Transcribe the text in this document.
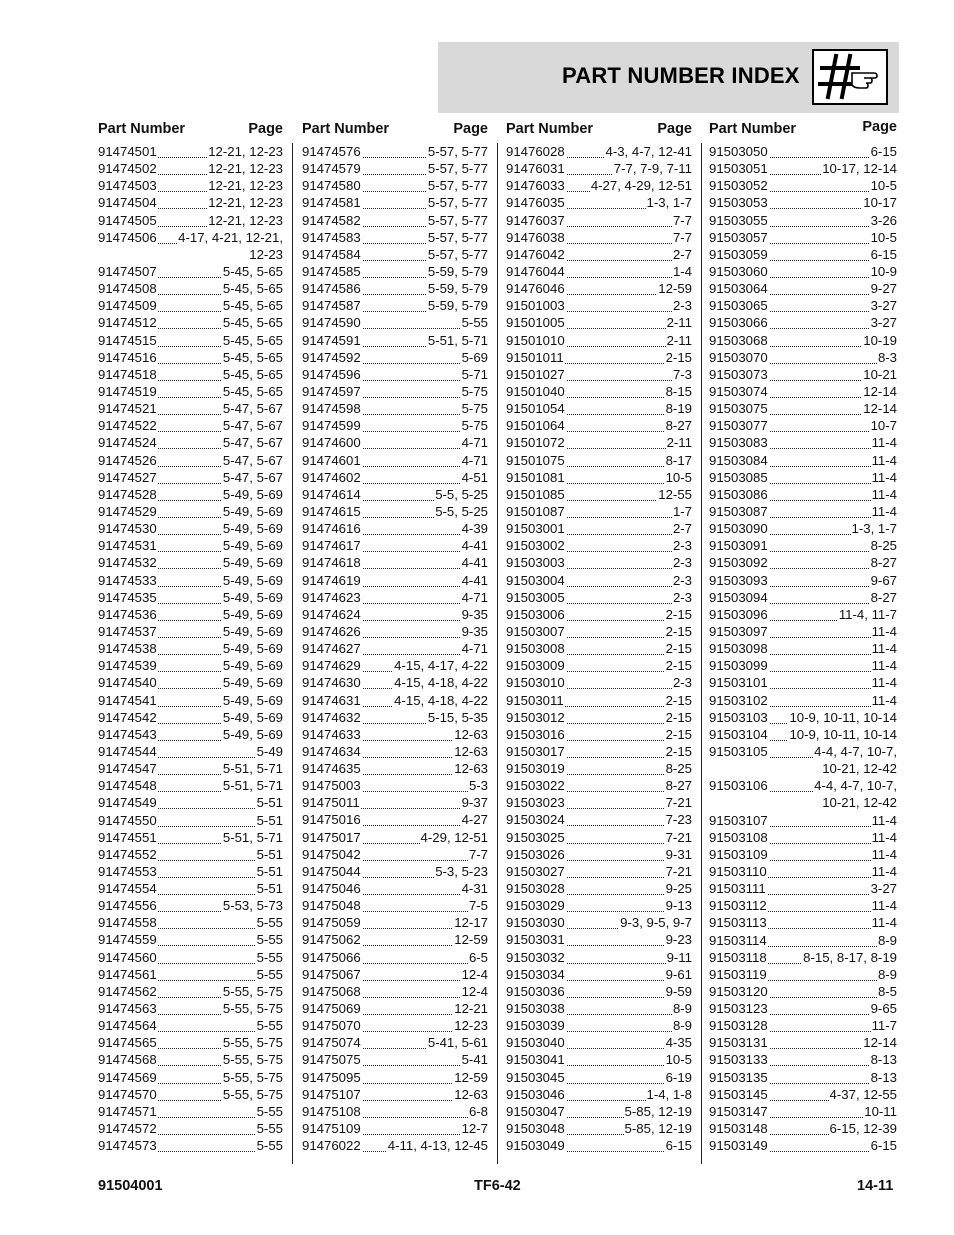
PART NUMBER INDEX
Part Number	Page
91474501	12-21, 12-23
91474502	12-21, 12-23
91474503	12-21, 12-23
91474504	12-21, 12-23
91474505	12-21, 12-23
91474506 4-17, 4-21, 12-21,
12-23
91474507	5-45, 5-65
91474508	5-45, 5-65
91474509	5-45, 5-65
91474512	5-45, 5-65
91474515	5-45, 5-65
91474516	5-45, 5-65
91474518	5-45, 5-65
91474519	5-45, 5-65
91474521	5-47, 5-67
91474522	5-47, 5-67
91474524	5-47, 5-67
91474526	5-47, 5-67
91474527	5-47, 5-67
91474528	5-49, 5-69
91474529	5-49, 5-69
91474530	5-49, 5-69
91474531	5-49, 5-69
91474532	5-49, 5-69
91474533	5-49, 5-69
91474535	5-49, 5-69
91474536	5-49, 5-69
91474537	5-49, 5-69
91474538	5-49, 5-69
91474539	5-49, 5-69
91474540	5-49, 5-69
91474541	5-49, 5-69
91474542	5-49, 5-69
91474543	5-49, 5-69
91474544	5-49
91474547	5-51, 5-71
91474548	5-51, 5-71
91474549	5-51
91474550	5-51
91474551	5-51, 5-71
91474552	5-51
91474553	5-51
91474554	5-51
91474556	5-53, 5-73
91474558	5-55
91474559	5-55
91474560	5-55
91474561	5-55
91474562	5-55, 5-75
91474563	5-55, 5-75
91474564	5-55
91474565	5-55, 5-75
91474568	5-55, 5-75
91474569	5-55, 5-75
91474570	5-55, 5-75
91474571	5-55
91474572	5-55
91474573	5-55
Part Number	Page
91474576	5-57, 5-77
91474579	5-57, 5-77
91474580	5-57, 5-77
91474581	5-57, 5-77
91474582	5-57, 5-77
91474583	5-57, 5-77
91474584	5-57, 5-77
91474585	5-59, 5-79
91474586	5-59, 5-79
91474587	5-59, 5-79
91474590	5-55
91474591	5-51, 5-71
91474592	5-69
91474596	5-71
91474597	5-75
91474598	5-75
91474599	5-75
91474600	4-71
91474601	4-71
91474602	4-51
91474614	5-5, 5-25
91474615	5-5, 5-25
91474616	4-39
91474617	4-41
91474618	4-41
91474619	4-41
91474623	4-71
91474624	9-35
91474626	9-35
91474627	4-71
91474629	4-15, 4-17, 4-22
91474630	4-15, 4-18, 4-22
91474631	4-15, 4-18, 4-22
91474632	5-15, 5-35
91474633	12-63
91474634	12-63
91474635	12-63
91475003	5-3
91475011	9-37
91475016	4-27
91475017	4-29, 12-51
91475042	7-7
91475044	5-3, 5-23
91475046	4-31
91475048	7-5
91475059	12-17
91475062	12-59
91475066	6-5
91475067	12-4
91475068	12-4
91475069	12-21
91475070	12-23
91475074	5-41, 5-61
91475075	5-41
91475095	12-59
91475107	12-63
91475108	6-8
91475109	12-7
91476022 4-11, 4-13, 12-45
Part Number	Page
91476028	4-3, 4-7, 12-41
91476031	7-7, 7-9, 7-11
91476033 4-27, 4-29, 12-51
91476035	1-3, 1-7
91476037	7-7
91476038	7-7
91476042	2-7
91476044	1-4
91476046	12-59
91501003	2-3
91501005	2-11
91501010	2-11
91501011	2-15
91501027	7-3
91501040	8-15
91501054	8-19
91501064	8-27
91501072	2-11
91501075	8-17
91501081	10-5
91501085	12-55
91501087	1-7
91503001	2-7
91503002	2-3
91503003	2-3
91503004	2-3
91503005	2-3
91503006	2-15
91503007	2-15
91503008	2-15
91503009	2-15
91503010	2-3
91503011	2-15
91503012	2-15
91503016	2-15
91503017	2-15
91503019	8-25
91503022	8-27
91503023	7-21
91503024	7-23
91503025	7-21
91503026	9-31
91503027	7-21
91503028	9-25
91503029	9-13
91503030	9-3, 9-5, 9-7
91503031	9-23
91503032	9-11
91503034	9-61
91503036	9-59
91503038	8-9
91503039	8-9
91503040	4-35
91503041	10-5
91503045	6-19
91503046	1-4, 1-8
91503047	5-85, 12-19
91503048	5-85, 12-19
91503049	6-15
Part Number	Page
91503050	6-15
91503051	10-17, 12-14
91503052	10-5
91503053	10-17
91503055	3-26
91503057	10-5
91503059	6-15
91503060	10-9
91503064	9-27
91503065	3-27
91503066	3-27
91503068	10-19
91503070	8-3
91503073	10-21
91503074	12-14
91503075	12-14
91503077	10-7
91503083	11-4
91503084	11-4
91503085	11-4
91503086	11-4
91503087	11-4
91503090	1-3, 1-7
91503091	8-25
91503092	8-27
91503093	9-67
91503094	8-27
91503096	11-4, 11-7
91503097	11-4
91503098	11-4
91503099	11-4
91503101	11-4
91503102	11-4
91503103 10-9, 10-11, 10-14
91503104 10-9, 10-11, 10-14
91503105	4-4, 4-7, 10-7,
10-21, 12-42
91503106	4-4, 4-7, 10-7,
10-21, 12-42
91503107	11-4
91503108	11-4
91503109	11-4
91503110	11-4
91503111	3-27
91503112	11-4
91503113	11-4
91503114	8-9
91503118	8-15, 8-17, 8-19
91503119	8-9
91503120	8-5
91503123	9-65
91503128	11-7
91503131	12-14
91503133	8-13
91503135	8-13
91503145	4-37, 12-55
91503147	10-11
91503148	6-15, 12-39
91503149	6-15
91504001	TF6-42	14-11
